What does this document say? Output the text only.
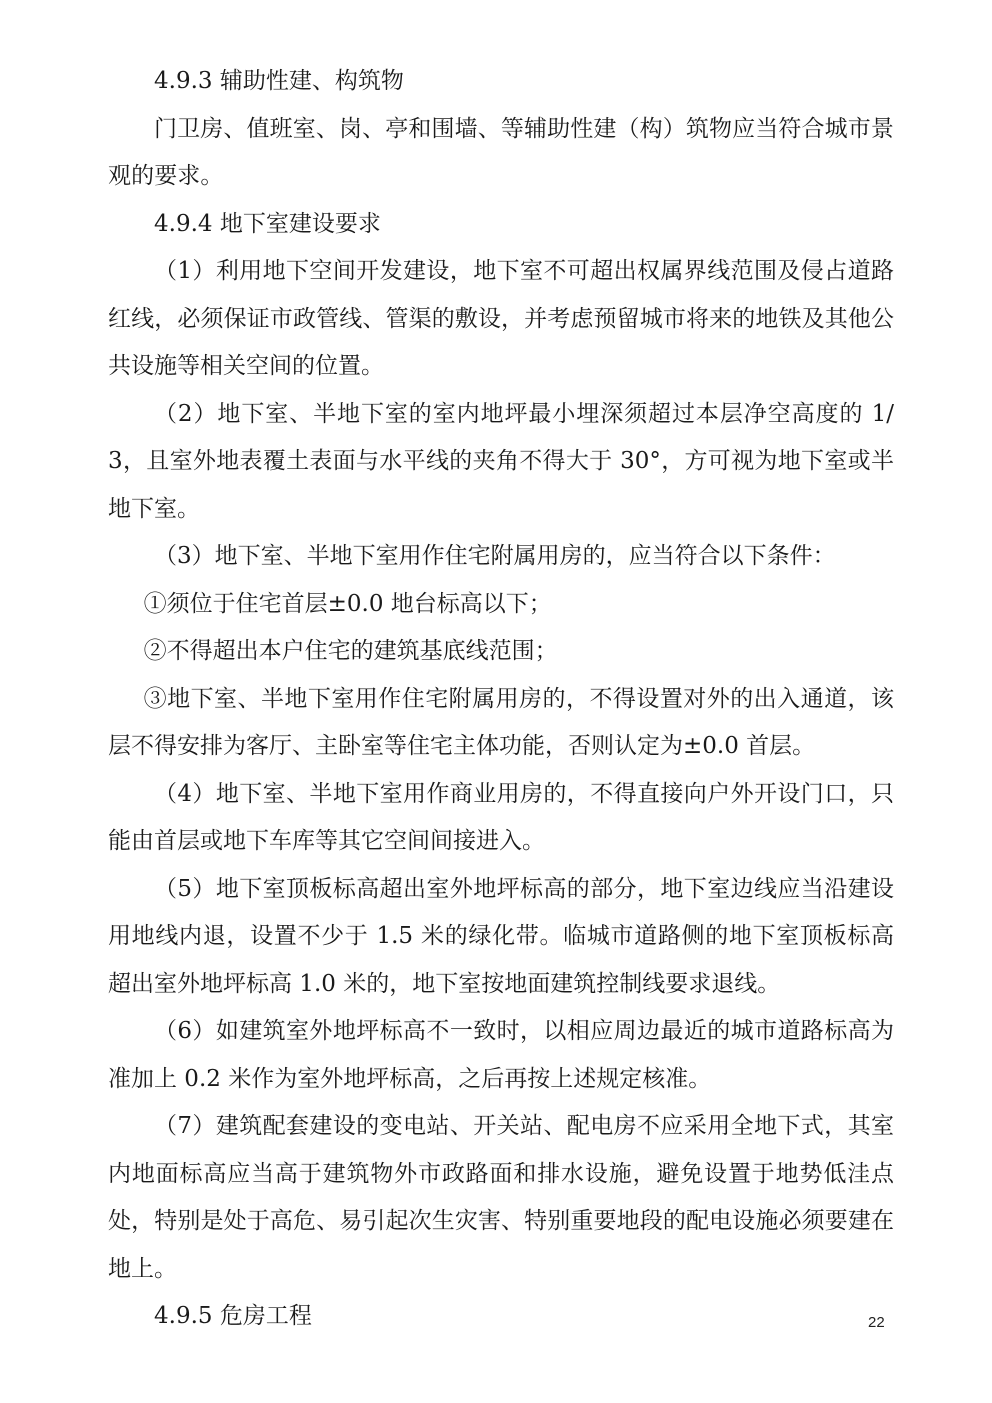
4.9.3 辅助性建、构筑物

门卫房、值班室、岗、亭和围墙、等辅助性建（构）筑物应当符合城市景观的要求。

4.9.4 地下室建设要求

（1）利用地下空间开发建设，地下室不可超出权属界线范围及侵占道路红线，必须保证市政管线、管渠的敷设，并考虑预留城市将来的地铁及其他公共设施等相关空间的位置。

（2）地下室、半地下室的室内地坪最小埋深须超过本层净空高度的 1/3，且室外地表覆土表面与水平线的夹角不得大于 30°，方可视为地下室或半地下室。

（3）地下室、半地下室用作住宅附属用房的，应当符合以下条件：

①须位于住宅首层±0.0 地台标高以下；

②不得超出本户住宅的建筑基底线范围；

③地下室、半地下室用作住宅附属用房的，不得设置对外的出入通道，该层不得安排为客厅、主卧室等住宅主体功能，否则认定为±0.0 首层。

（4）地下室、半地下室用作商业用房的，不得直接向户外开设门口，只能由首层或地下车库等其它空间间接进入。

（5）地下室顶板标高超出室外地坪标高的部分，地下室边线应当沿建设用地线内退，设置不少于 1.5 米的绿化带。临城市道路侧的地下室顶板标高超出室外地坪标高 1.0 米的，地下室按地面建筑控制线要求退线。

（6）如建筑室外地坪标高不一致时，以相应周边最近的城市道路标高为准加上 0.2 米作为室外地坪标高，之后再按上述规定核准。

（7）建筑配套建设的变电站、开关站、配电房不应采用全地下式，其室内地面标高应当高于建筑物外市政路面和排水设施，避免设置于地势低洼点处，特别是处于高危、易引起次生灾害、特别重要地段的配电设施必须要建在地上。

4.9.5 危房工程	22
